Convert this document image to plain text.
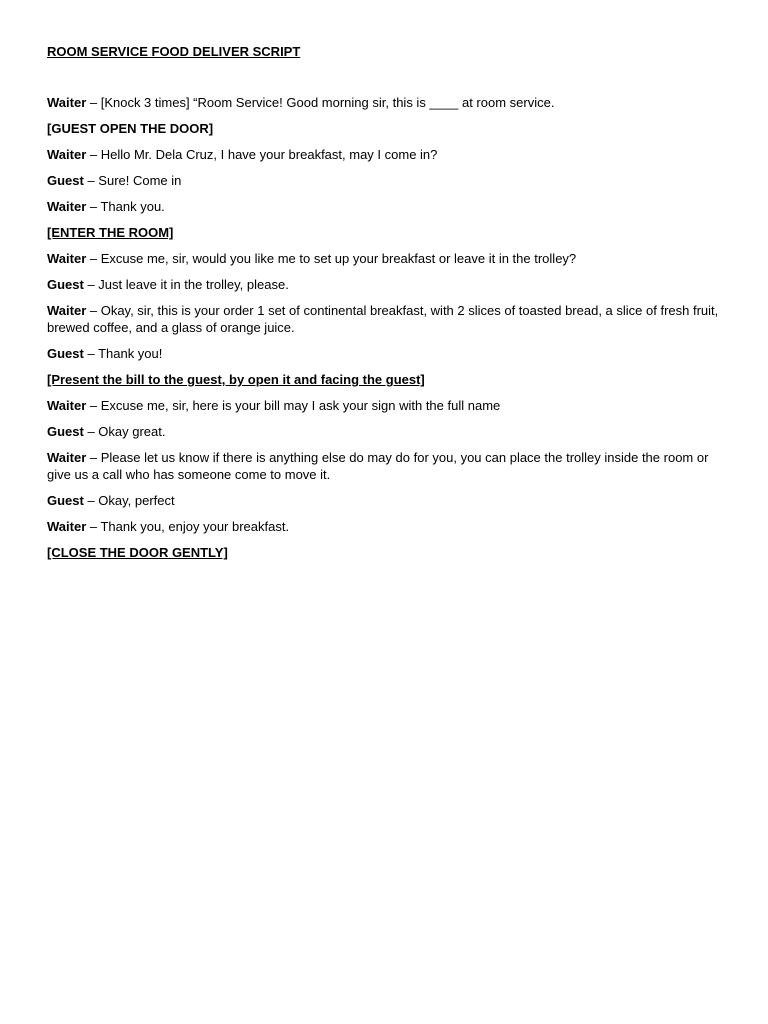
ROOM SERVICE FOOD DELIVER SCRIPT
Waiter – [Knock 3 times] “Room Service! Good morning sir, this is ____ at room service.
[GUEST OPEN THE DOOR]
Waiter – Hello Mr. Dela Cruz, I have your breakfast, may I come in?
Guest – Sure! Come in
Waiter – Thank you.
[ENTER THE ROOM]
Waiter – Excuse me, sir, would you like me to set up your breakfast or leave it in the trolley?
Guest – Just leave it in the trolley, please.
Waiter – Okay, sir, this is your order 1 set of continental breakfast, with 2 slices of toasted bread, a slice of fresh fruit, brewed coffee, and a glass of orange juice.
Guest – Thank you!
[Present the bill to the guest, by open it and facing the guest]
Waiter – Excuse me, sir, here is your bill may I ask your sign with the full name
Guest – Okay great.
Waiter – Please let us know if there is anything else do may do for you, you can place the trolley inside the room or give us a call who has someone come to move it.
Guest – Okay, perfect
Waiter – Thank you, enjoy your breakfast.
[CLOSE THE DOOR GENTLY]
